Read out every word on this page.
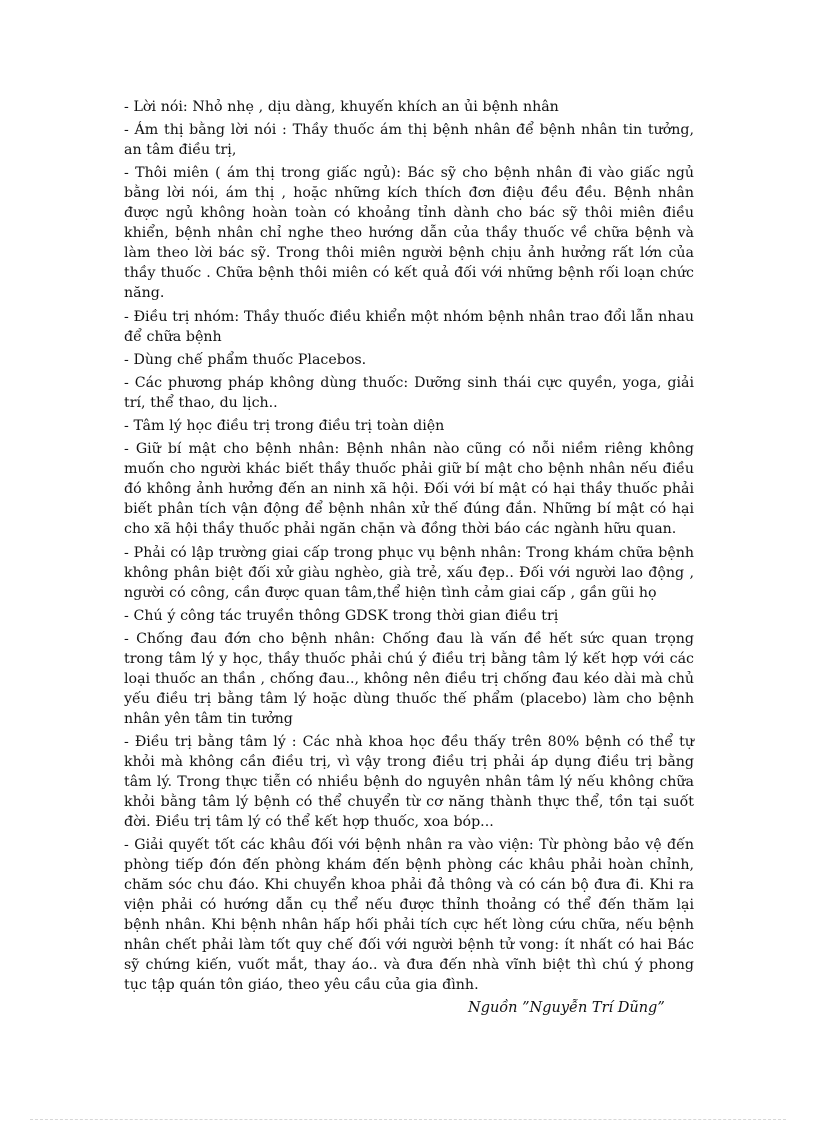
- Lời nói: Nhỏ nhẹ , dịu dàng, khuyến khích an ủi bệnh nhân

- Ám thị bằng lời nói : Thầy thuốc ám thị bệnh nhân để bệnh nhân tin tưởng, an tâm điều trị,

- Thôi miên ( ám thị trong giấc ngủ): Bác sỹ cho bệnh nhân đi vào giấc ngủ bằng lời nói, ám thị , hoặc những kích thích đơn điệu đều đều. Bệnh nhân được ngủ không hoàn toàn có khoảng tỉnh dành cho bác sỹ thôi miên điều khiển, bệnh nhân chỉ nghe theo hướng dẫn của thầy thuốc về chữa bệnh và làm theo lời bác sỹ. Trong thôi miên người bệnh chịu ảnh hưởng rất lớn của thầy thuốc . Chữa bệnh thôi miên có kết quả đối với những bệnh rối loạn chức năng.

- Điều trị nhóm: Thầy thuốc điều khiển một nhóm bệnh nhân trao đổi lẫn nhau để chữa bệnh

- Dùng chế phẩm thuốc Placebos.

- Các phương pháp không dùng thuốc: Dưỡng sinh thái cực quyền, yoga, giải trí, thể thao, du lịch..

- Tâm lý học điều trị trong điều trị toàn diện

- Giữ bí mật cho bệnh nhân: Bệnh nhân nào cũng có nỗi niềm riêng không muốn cho người khác biết thầy thuốc phải giữ bí mật cho bệnh nhân nếu điều đó không ảnh hưởng đến an ninh xã hội. Đối với bí mật có hại thầy thuốc phải biết phân tích vận động để bệnh nhân xử thế đúng đắn. Những bí mật có hại cho xã hội thầy thuốc phải ngăn chặn và đồng thời báo các ngành hữu quan.

- Phải có lập trường giai cấp trong phục vụ bệnh nhân: Trong khám chữa bệnh không phân biệt đối xử giàu nghèo, già trẻ, xấu đẹp.. Đối với người lao động , người có công, cần được quan tâm,thể hiện tình cảm giai cấp , gần gũi họ

- Chú ý công tác truyền thông GDSK trong thời gian điều trị

- Chống đau đớn cho bệnh nhân: Chống đau là vấn đề hết sức quan trọng trong tâm lý y học, thầy thuốc phải chú ý điều trị bằng tâm lý kết hợp với các loại thuốc an thần , chống đau.., không nên điều trị chống đau kéo dài mà chủ yếu điều trị bằng tâm lý hoặc dùng thuốc thế phẩm (placebo) làm cho bệnh nhân yên tâm tin tưởng

- Điều trị bằng tâm lý : Các nhà khoa học đều thấy trên 80% bệnh có thể tự khỏi mà không cần điều trị, vì vậy trong điều trị phải áp dụng điều trị bằng tâm lý. Trong thực tiễn có nhiều bệnh do nguyên nhân tâm lý nếu không chữa khỏi bằng tâm lý bệnh có thể chuyển từ cơ năng thành thực thể, tồn tại suốt đời. Điều trị tâm lý có thể kết hợp thuốc, xoa bóp...

- Giải quyết tốt các khâu đối với bệnh nhân ra vào viện: Từ phòng bảo vệ đến phòng tiếp đón đến phòng khám đến bệnh phòng các khâu phải hoàn chỉnh, chăm sóc chu đáo. Khi chuyển khoa phải đả thông và có cán bộ đưa đi. Khi ra viện phải có hướng dẫn cụ thể nếu được thỉnh thoảng có thể đến thăm lại bệnh nhân. Khi bệnh nhân hấp hối phải tích cực hết lòng cứu chữa, nếu bệnh nhân chết phải làm tốt quy chế đối với người bệnh tử vong: ít nhất có hai Bác sỹ chứng kiến, vuốt mắt, thay áo.. và đưa đến nhà vĩnh biệt thì chú ý phong tục tập quán tôn giáo, theo yêu cầu của gia đình.

Nguồn ”Nguyễn Trí Dũng”
